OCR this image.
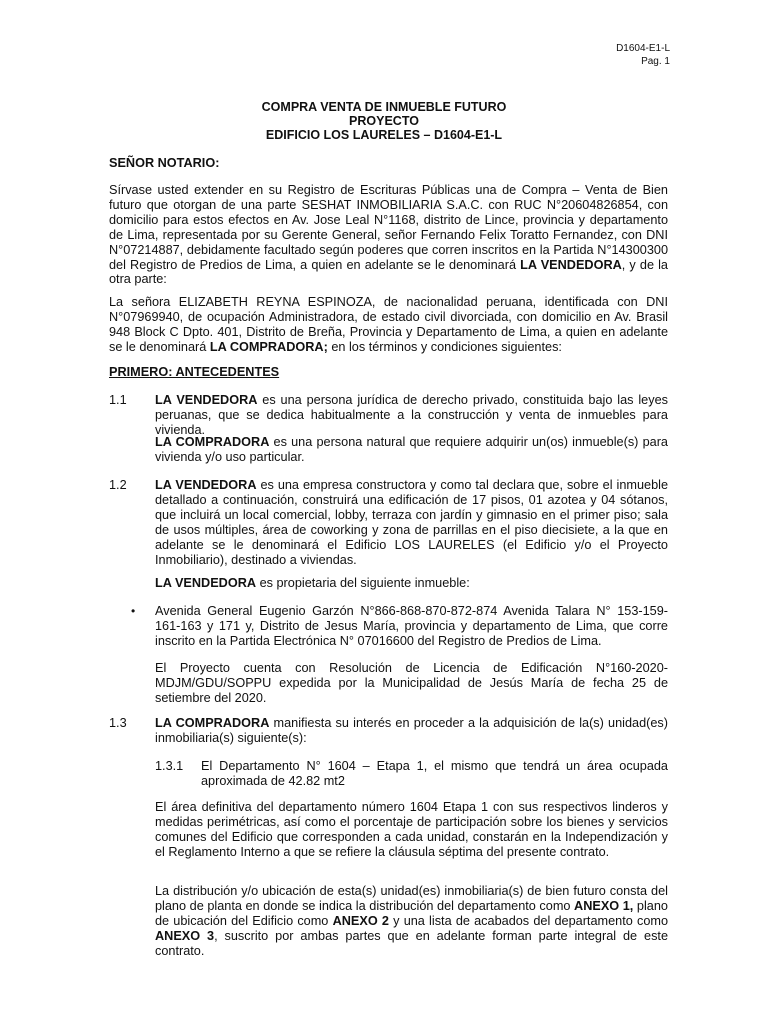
D1604-E1-L
Pag. 1
COMPRA VENTA DE INMUEBLE FUTURO
PROYECTO
EDIFICIO LOS LAURELES – D1604-E1-L
SEÑOR NOTARIO:

Sírvase usted extender en su Registro de Escrituras Públicas una de Compra – Venta de Bien futuro que otorgan de una parte SESHAT INMOBILIARIA S.A.C. con RUC N°20604826854, con domicilio para estos efectos en Av. Jose Leal N°1168, distrito de Lince, provincia y departamento de Lima, representada por su Gerente General, señor Fernando Felix Toratto Fernandez, con DNI N°07214887, debidamente facultado según poderes que corren inscritos en la Partida N°14300300 del Registro de Predios de Lima, a quien en adelante se le denominará LA VENDEDORA, y de la otra parte:

La señora ELIZABETH REYNA ESPINOZA, de nacionalidad peruana, identificada con DNI N°07969940, de ocupación Administradora, de estado civil divorciada, con domicilio en Av. Brasil 948 Block C Dpto. 401, Distrito de Breña, Provincia y Departamento de Lima, a quien en adelante se le denominará LA COMPRADORA; en los términos y condiciones siguientes:

PRIMERO: ANTECEDENTES
1.1 LA VENDEDORA es una persona jurídica de derecho privado, constituida bajo las leyes peruanas, que se dedica habitualmente a la construcción y venta de inmuebles para vivienda.

LA COMPRADORA es una persona natural que requiere adquirir un(os) inmueble(s) para vivienda y/o uso particular.

1.2 LA VENDEDORA es una empresa constructora y como tal declara que, sobre el inmueble detallado a continuación, construirá una edificación de 17 pisos, 01 azotea y 04 sótanos, que incluirá un local comercial, lobby, terraza con jardín y gimnasio en el primer piso; sala de usos múltiples, área de coworking y zona de parrillas en el piso diecisiete, a la que en adelante se le denominará el Edificio LOS LAURELES (el Edificio y/o el Proyecto Inmobiliario), destinado a viviendas.

LA VENDEDORA es propietaria del siguiente inmueble:

• Avenida General Eugenio Garzón N°866-868-870-872-874 Avenida Talara N° 153-159-161-163 y 171 y, Distrito de Jesus María, provincia y departamento de Lima, que corre inscrito en la Partida Electrónica N° 07016600 del Registro de Predios de Lima.

El Proyecto cuenta con Resolución de Licencia de Edificación N°160-2020-MDJM/GDU/SOPPU expedida por la Municipalidad de Jesús María de fecha 25 de setiembre del 2020.

1.3 LA COMPRADORA manifiesta su interés en proceder a la adquisición de la(s) unidad(es) inmobiliaria(s) siguiente(s):

1.3.1 El Departamento N° 1604 – Etapa 1, el mismo que tendrá un área ocupada aproximada de 42.82 mt2

El área definitiva del departamento número 1604 Etapa 1 con sus respectivos linderos y medidas perimétricas, así como el porcentaje de participación sobre los bienes y servicios comunes del Edificio que corresponden a cada unidad, constarán en la Independización y el Reglamento Interno a que se refiere la cláusula séptima del presente contrato.

La distribución y/o ubicación de esta(s) unidad(es) inmobiliaria(s) de bien futuro consta del plano de planta en donde se indica la distribución del departamento como ANEXO 1, plano de ubicación del Edificio como ANEXO 2 y una lista de acabados del departamento como ANEXO 3, suscrito por ambas partes que en adelante forman parte integral de este contrato.
